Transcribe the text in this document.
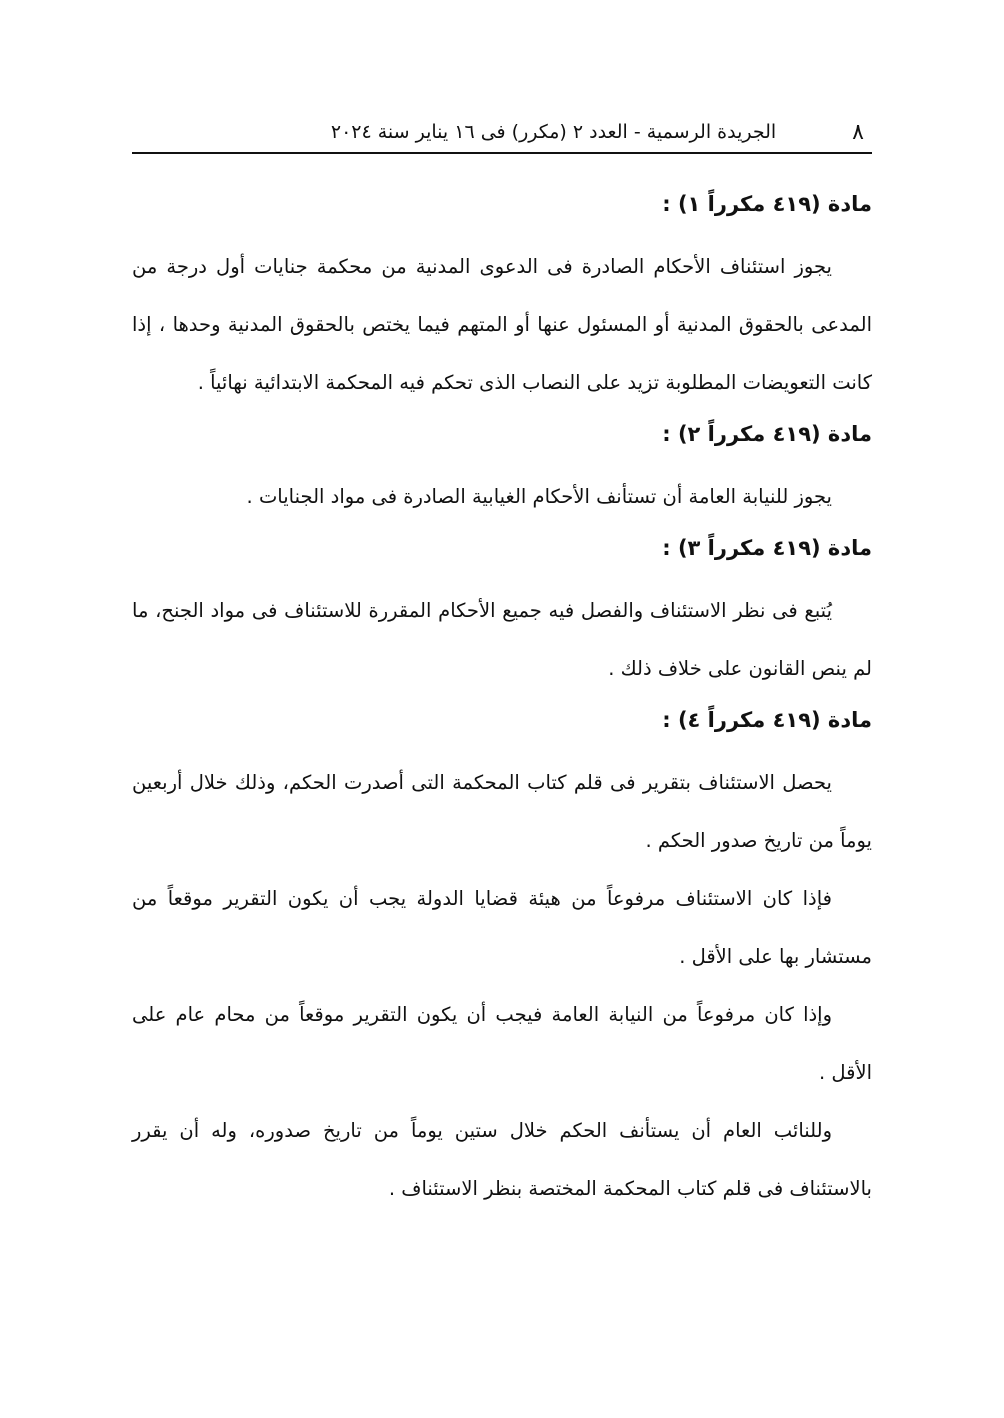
٨
الجريدة الرسمية - العدد ٢ (مكرر) فى ١٦ يناير سنة ٢٠٢٤
مادة (٤١٩ مكرراً ١) :

يجوز استئناف الأحكام الصادرة فى الدعوى المدنية من محكمة جنايات أول درجة من المدعى بالحقوق المدنية أو المسئول عنها أو المتهم فيما يختص بالحقوق المدنية وحدها ، إذا كانت التعويضات المطلوبة تزيد على النصاب الذى تحكم فيه المحكمة الابتدائية نهائياً .

مادة (٤١٩ مكرراً ٢) :

يجوز للنيابة العامة أن تستأنف الأحكام الغيابية الصادرة فى مواد الجنايات .

مادة (٤١٩ مكرراً ٣) :

يُتبع فى نظر الاستئناف والفصل فيه جميع الأحكام المقررة للاستئناف فى مواد الجنح، ما لم ينص القانون على خلاف ذلك .

مادة (٤١٩ مكرراً ٤) :

يحصل الاستئناف بتقرير فى قلم كتاب المحكمة التى أصدرت الحكم، وذلك خلال أربعين يوماً من تاريخ صدور الحكم .

فإذا كان الاستئناف مرفوعاً من هيئة قضايا الدولة يجب أن يكون التقرير موقعاً من مستشار بها على الأقل .

وإذا كان مرفوعاً من النيابة العامة فيجب أن يكون التقرير موقعاً من محام عام على الأقل .

وللنائب العام أن يستأنف الحكم خلال ستين يوماً من تاريخ صدوره، وله أن يقرر بالاستئناف فى قلم كتاب المحكمة المختصة بنظر الاستئناف .
